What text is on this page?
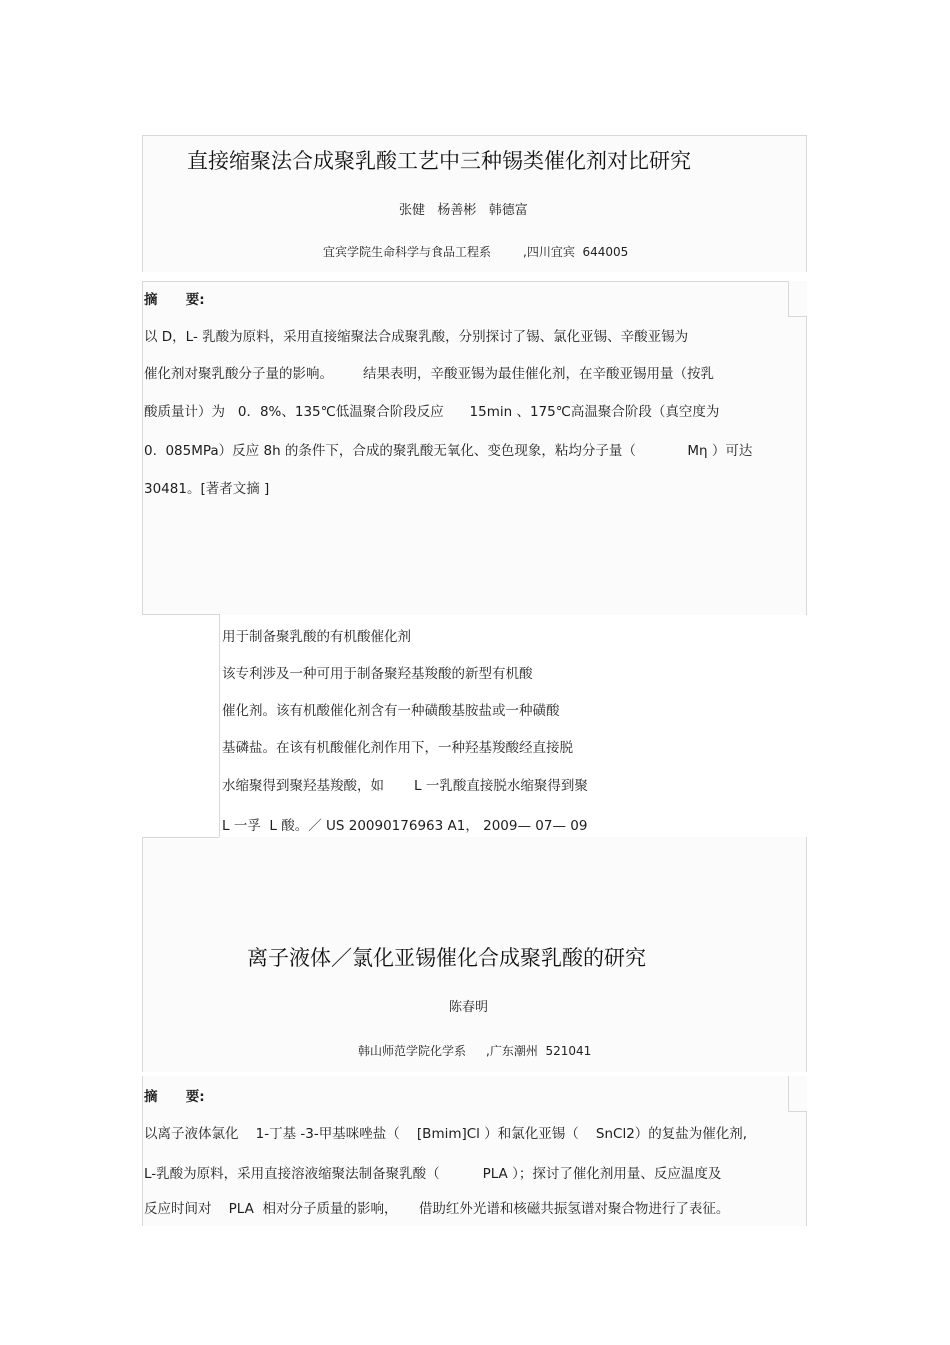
直接缩聚法合成聚乳酸工艺中三种锡类催化剂对比研究
张健   杨善彬   韩德富
宜宾学院生命科学与食品工程系	,四川宜宾  644005
摘      要:
以 D，L- 乳酸为原料，采用直接缩聚法合成聚乳酸，分别探讨了锡、氯化亚锡、辛酸亚锡为
催化剂对聚乳酸分子量的影响。       结果表明，辛酸亚锡为最佳催化剂，在辛酸亚锡用量（按乳
酸质量计）为   0．8%、135℃低温聚合阶段反应      15min 、175℃高温聚合阶段（真空度为
0.  085MPa）反应 8h 的条件下，合成的聚乳酸无氧化、变色现象，粘均分子量（            Mη ）可达
30481。[著者文摘 ]
用于制备聚乳酸的有机酸催化剂
该专利涉及一种可用于制备聚羟基羧酸的新型有机酸
催化剂。该有机酸催化剂含有一种磺酸基胺盐或一种磺酸
基磷盐。在该有机酸催化剂作用下，一种羟基羧酸经直接脱
水缩聚得到聚羟基羧酸，如       L 一乳酸直接脱水缩聚得到聚
L 一孚  L 酸。／ US 20090176963 A1， 2009— 07— 09
离子液体／氯化亚锡催化合成聚乳酸的研究
陈春明
韩山师范学院化学系 ,广东潮州  521041
摘      要:
以离子液体氯化    1-丁基 -3-甲基咪唑盐（    [Bmim]Cl ）和氯化亚锡（    SnCl2）的复盐为催化剂,
L-乳酸为原料，采用直接溶液缩聚法制备聚乳酸（          PLA ）；探讨了催化剂用量、反应温度及
反应时间对    PLA  相对分子质量的影响，     借助红外光谱和核磁共振氢谱对聚合物进行了表征。
